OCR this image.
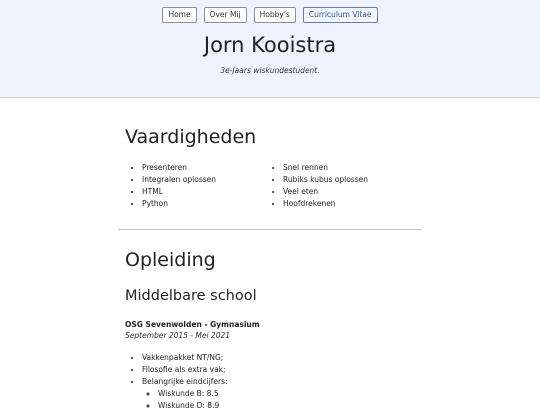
Home	Over Mij	Hobby's	Curriculum Vitae
Jorn Kooistra

3e-Jaars wiskundestudent.

Vaardigheden
• Presenteren
• Integralen oplossen
• HTML
• Python
• Snel rennen
• Rubiks kubus oplossen
• Veel eten
• Hoofdrekenen
Opleiding
Middelbare school

OSG Sevenwolden - Gymnasium

September 2015 - Mei 2021

• Vakkenpakket NT/NG;
• Filosofie als extra vak;
• Belangrijke eindcijfers:
◦ Wiskunde B: 8.5
◦ Wiskunde D: 8.9
